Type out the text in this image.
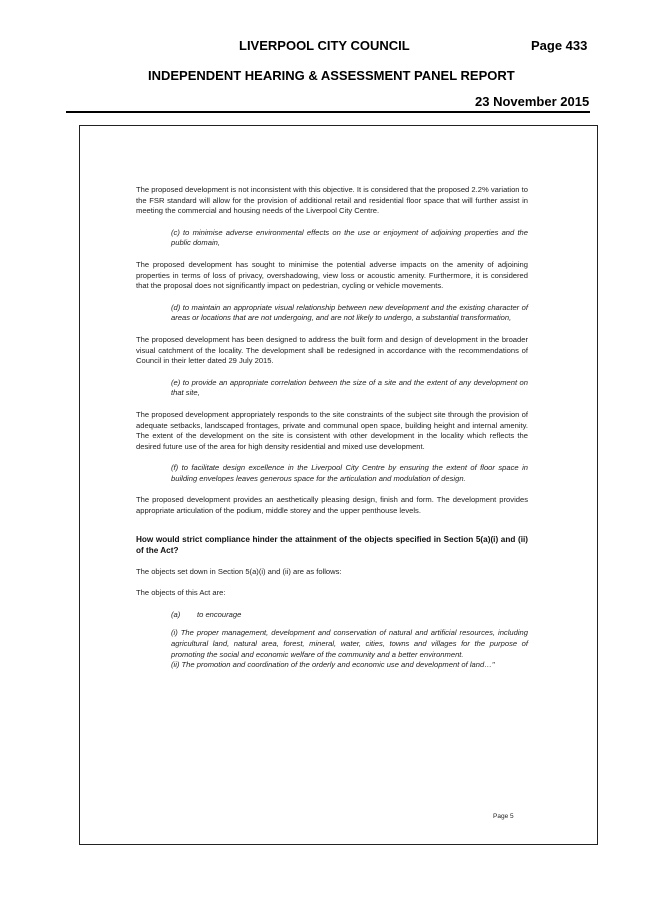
LIVERPOOL CITY COUNCIL	Page 433
INDEPENDENT HEARING & ASSESSMENT PANEL REPORT
23 November 2015

The proposed development is not inconsistent with this objective. It is considered that the proposed 2.2% variation to the FSR standard will allow for the provision of additional retail and residential floor space that will further assist in meeting the commercial and housing needs of the Liverpool City Centre.

(c) to minimise adverse environmental effects on the use or enjoyment of adjoining properties and the public domain,

The proposed development has sought to minimise the potential adverse impacts on the amenity of adjoining properties in terms of loss of privacy, overshadowing, view loss or acoustic amenity. Furthermore, it is considered that the proposal does not significantly impact on pedestrian, cycling or vehicle movements.

(d) to maintain an appropriate visual relationship between new development and the existing character of areas or locations that are not undergoing, and are not likely to undergo, a substantial transformation,

The proposed development has been designed to address the built form and design of development in the broader visual catchment of the locality. The development shall be redesigned in accordance with the recommendations of Council in their letter dated 29 July 2015.

(e) to provide an appropriate correlation between the size of a site and the extent of any development on that site,

The proposed development appropriately responds to the site constraints of the subject site through the provision of adequate setbacks, landscaped frontages, private and communal open space, building height and internal amenity. The extent of the development on the site is consistent with other development in the locality which reflects the desired future use of the area for high density residential and mixed use development.

(f) to facilitate design excellence in the Liverpool City Centre by ensuring the extent of floor space in building envelopes leaves generous space for the articulation and modulation of design.

The proposed development provides an aesthetically pleasing design, finish and form. The development provides appropriate articulation of the podium, middle storey and the upper penthouse levels.

How would strict compliance hinder the attainment of the objects specified in Section 5(a)(i) and (ii) of the Act?

The objects set down in Section 5(a)(i) and (ii) are as follows:

The objects of this Act are:

(a) to encourage

(i) The proper management, development and conservation of natural and artificial resources, including agricultural land, natural area, forest, mineral, water, cities, towns and villages for the purpose of promoting the social and economic welfare of the community and a better environment.

(ii) The promotion and coordination of the orderly and economic use and development of land…"

Page 5
